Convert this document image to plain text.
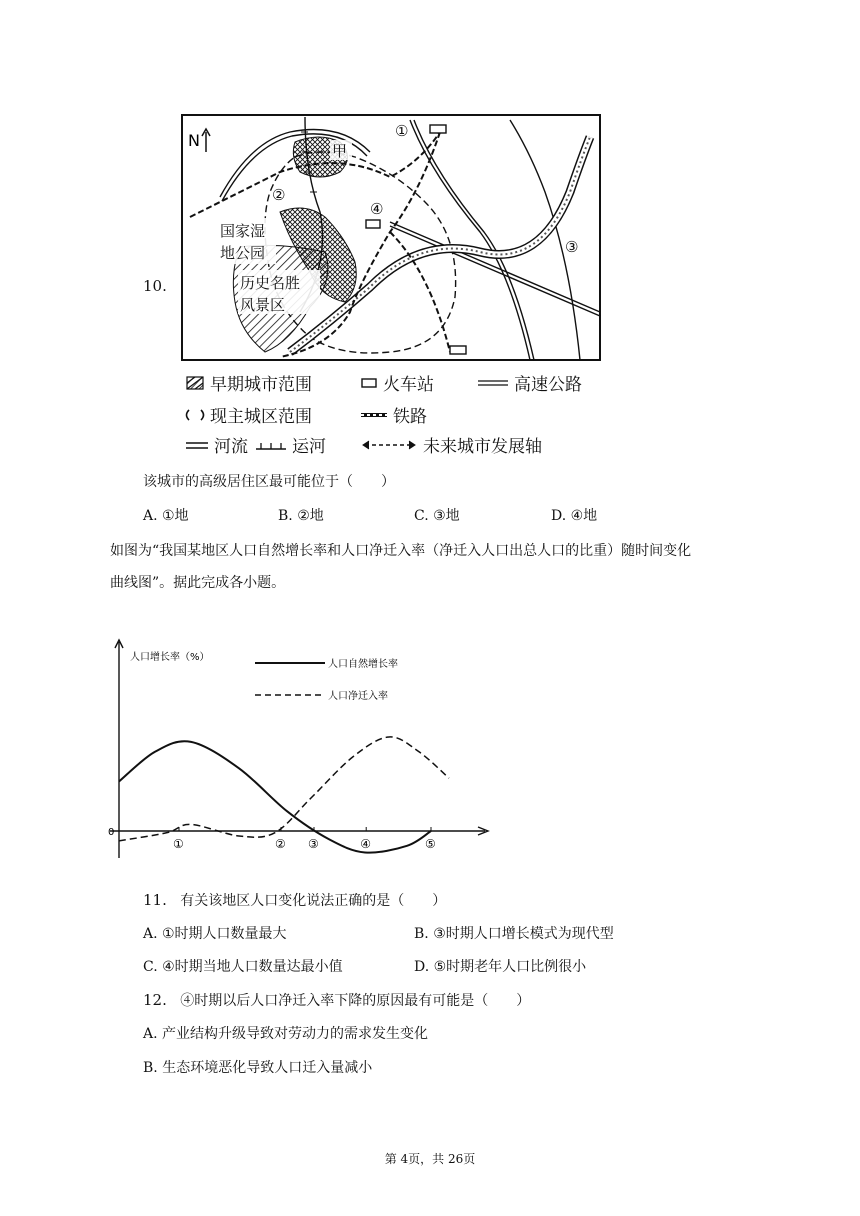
10.
N
甲
①
②
③
④
国家湿
地公园
历史名胜
风景区
早期城市范围	火车站	高速公路
现主城区范围	铁路
河流	运河	未来城市发展轴
该城市的高级居住区最可能位于（　　）
A. ①地	B. ②地	C. ③地	D. ④地
如图为“我国某地区人口自然增长率和人口净迁入率（净迁入人口出总人口的比重）随时间变化
曲线图”。据此完成各小题。
人口增长率（%）
0
①	② ③	④	⑤
人口自然增长率
人口净迁入率
11. 有关该地区人口变化说法正确的是（　　）
A. ①时期人口数量最大	B. ③时期人口增长模式为现代型
C. ④时期当地人口数量达最小值	D. ⑤时期老年人口比例很小
12. ④时期以后人口净迁入率下降的原因最有可能是（　　）
A. 产业结构升级导致对劳动力的需求发生变化
B. 生态环境恶化导致人口迁入量减小
第 4页，共 26页
